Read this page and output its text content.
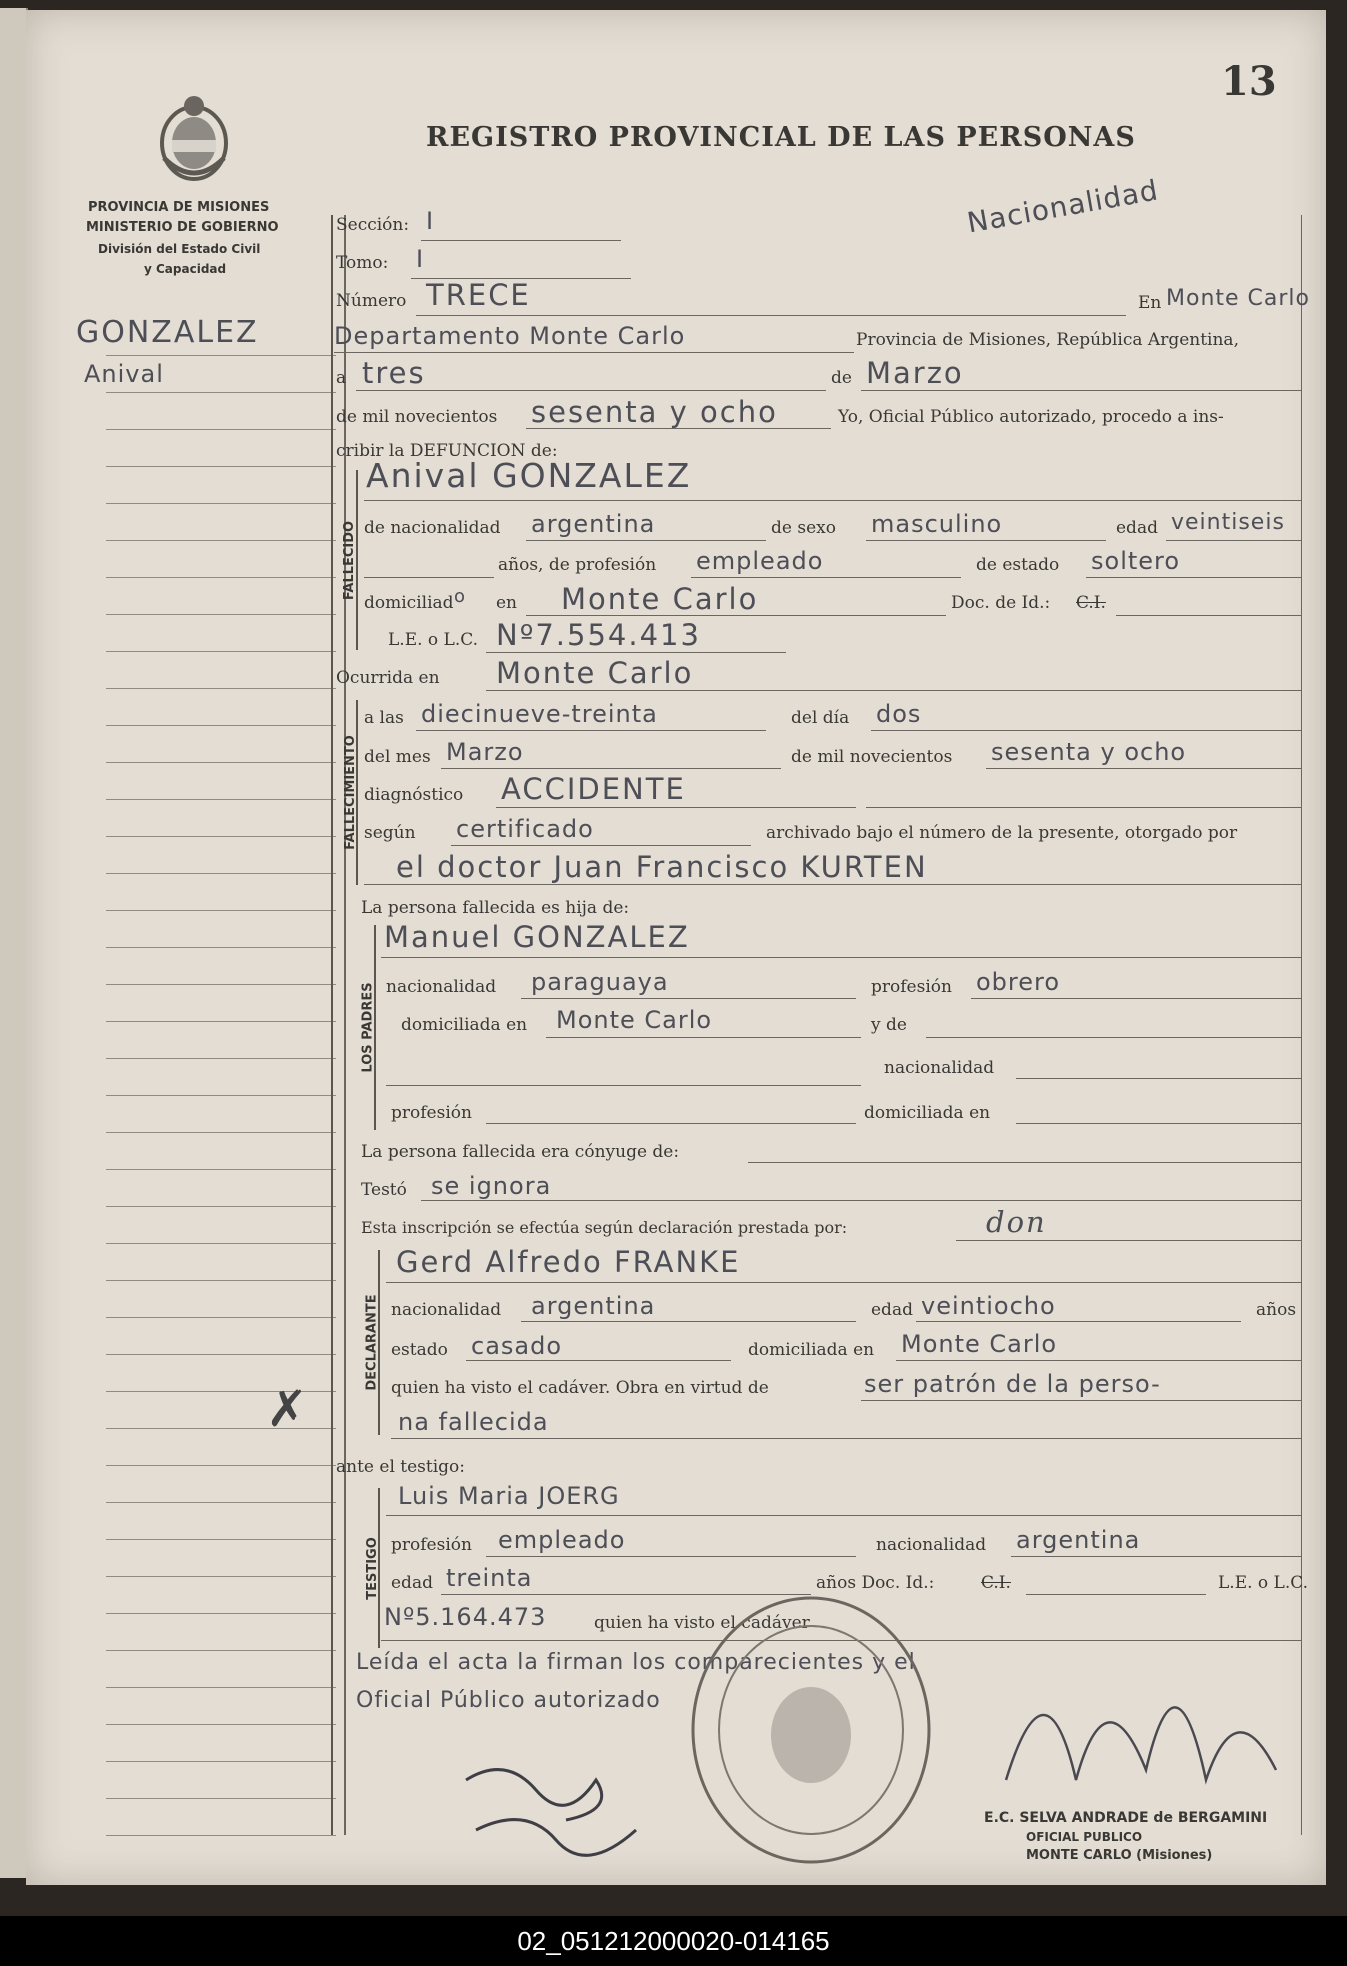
13
PROVINCIA DE MISIONES
MINISTERIO DE GOBIERNO
División del Estado Civil
y Capacidad
REGISTRO PROVINCIAL DE LAS PERSONAS
Nacionalidad
GONZALEZ
Anival
✗
Sección: I
Tomo: I
Número TRECE	En Monte Carlo
Departamento Monte Carlo	Provincia de Misiones, República Argentina,
a tres	de Marzo
de mil novecientos sesenta y ocho	Yo, Oficial Público autorizado, procedo a ins-
cribir la DEFUNCION de:
FALLECIDO
Anival GONZALEZ
de nacionalidad argentina	de sexo masculino	edad veintiseis
años, de profesión empleado	de estado soltero
domiciliad o en Monte Carlo	Doc. de Id.: C.I.
L.E. o L.C. Nº7.554.413
Ocurrida en Monte Carlo
FALLECIMIENTO
a las diecinueve-treinta	del día dos
del mes Marzo	de mil novecientos sesenta y ocho
diagnóstico ACCIDENTE
según certificado	archivado bajo el número de la presente, otorgado por
el doctor Juan Francisco KURTEN
La persona fallecida es hija de:
LOS PADRES
Manuel GONZALEZ
nacionalidad paraguaya	profesión obrero
domiciliada en Monte Carlo	y de
nacionalidad
profesión	domiciliada en
La persona fallecida era cónyuge de:
Testó se ignora
Esta inscripción se efectúa según declaración prestada por:	don
DECLARANTE
Gerd Alfredo FRANKE
nacionalidad argentina	edad veintiocho	años
estado casado	domiciliada en Monte Carlo
quien ha visto el cadáver. Obra en virtud de	ser patrón de la perso-
na fallecida
ante el testigo:
TESTIGO
Luis Maria JOERG
profesión empleado	nacionalidad argentina
edad treinta	años Doc. Id.:	C.I.	L.E. o L.C.
Nº5.164.473	quien ha visto el cadáver
Leída el acta la firman los comparecientes y el
Oficial Público autorizado
E.C. SELVA ANDRADE de BERGAMINI
OFICIAL PUBLICO
MONTE CARLO (Misiones)
02_051212000020-014165
